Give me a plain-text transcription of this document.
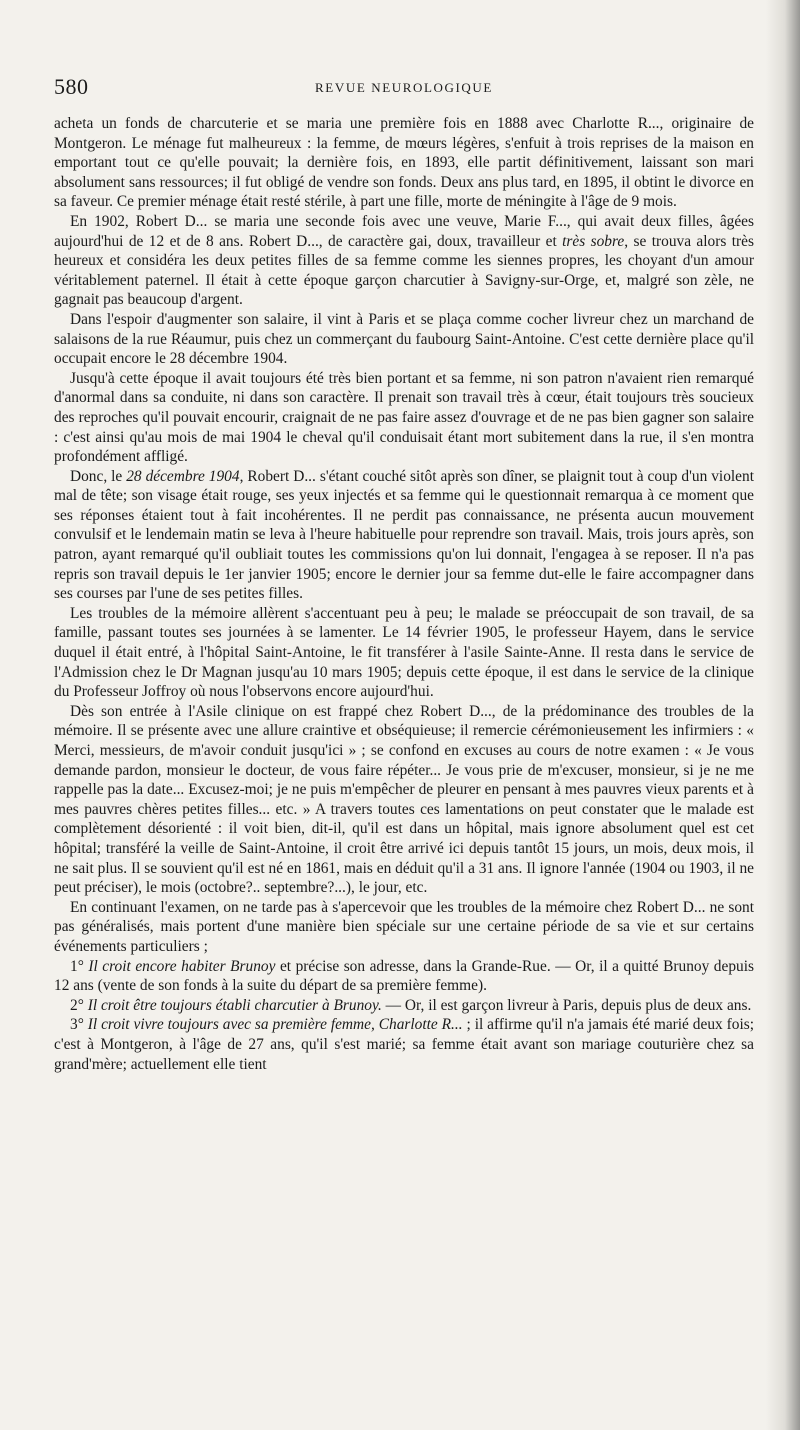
580	REVUE NEUROLOGIQUE

acheta un fonds de charcuterie et se maria une première fois en 1888 avec Charlotte R..., originaire de Montgeron. Le ménage fut malheureux : la femme, de mœurs légères, s'enfuit à trois reprises de la maison en emportant tout ce qu'elle pouvait; la dernière fois, en 1893, elle partit définitivement, laissant son mari absolument sans ressources; il fut obligé de vendre son fonds. Deux ans plus tard, en 1895, il obtint le divorce en sa faveur. Ce premier ménage était resté stérile, à part une fille, morte de méningite à l'âge de 9 mois.

En 1902, Robert D... se maria une seconde fois avec une veuve, Marie F..., qui avait deux filles, âgées aujourd'hui de 12 et de 8 ans. Robert D..., de caractère gai, doux, travailleur et très sobre, se trouva alors très heureux et considéra les deux petites filles de sa femme comme les siennes propres, les choyant d'un amour véritablement paternel. Il était à cette époque garçon charcutier à Savigny-sur-Orge, et, malgré son zèle, ne gagnait pas beaucoup d'argent.

Dans l'espoir d'augmenter son salaire, il vint à Paris et se plaça comme cocher livreur chez un marchand de salaisons de la rue Réaumur, puis chez un commerçant du faubourg Saint-Antoine. C'est cette dernière place qu'il occupait encore le 28 décembre 1904.

Jusqu'à cette époque il avait toujours été très bien portant et sa femme, ni son patron n'avaient rien remarqué d'anormal dans sa conduite, ni dans son caractère. Il prenait son travail très à cœur, était toujours très soucieux des reproches qu'il pouvait encourir, craignait de ne pas faire assez d'ouvrage et de ne pas bien gagner son salaire : c'est ainsi qu'au mois de mai 1904 le cheval qu'il conduisait étant mort subitement dans la rue, il s'en montra profondément affligé.

Donc, le 28 décembre 1904, Robert D... s'étant couché sitôt après son dîner, se plaignit tout à coup d'un violent mal de tête; son visage était rouge, ses yeux injectés et sa femme qui le questionnait remarqua à ce moment que ses réponses étaient tout à fait incohérentes. Il ne perdit pas connaissance, ne présenta aucun mouvement convulsif et le lendemain matin se leva à l'heure habituelle pour reprendre son travail. Mais, trois jours après, son patron, ayant remarqué qu'il oubliait toutes les commissions qu'on lui donnait, l'engagea à se reposer. Il n'a pas repris son travail depuis le 1er janvier 1905; encore le dernier jour sa femme dut-elle le faire accompagner dans ses courses par l'une de ses petites filles.

Les troubles de la mémoire allèrent s'accentuant peu à peu; le malade se préoccupait de son travail, de sa famille, passant toutes ses journées à se lamenter. Le 14 février 1905, le professeur Hayem, dans le service duquel il était entré, à l'hôpital Saint-Antoine, le fit transférer à l'asile Sainte-Anne. Il resta dans le service de l'Admission chez le Dr Magnan jusqu'au 10 mars 1905; depuis cette époque, il est dans le service de la clinique du Professeur Joffroy où nous l'observons encore aujourd'hui.

Dès son entrée à l'Asile clinique on est frappé chez Robert D..., de la prédominance des troubles de la mémoire. Il se présente avec une allure craintive et obséquieuse; il remercie cérémonieusement les infirmiers : « Merci, messieurs, de m'avoir conduit jusqu'ici » ; se confond en excuses au cours de notre examen : « Je vous demande pardon, monsieur le docteur, de vous faire répéter... Je vous prie de m'excuser, monsieur, si je ne me rappelle pas la date... Excusez-moi; je ne puis m'empêcher de pleurer en pensant à mes pauvres vieux parents et à mes pauvres chères petites filles... etc. » A travers toutes ces lamentations on peut constater que le malade est complètement désorienté : il voit bien, dit-il, qu'il est dans un hôpital, mais ignore absolument quel est cet hôpital; transféré la veille de Saint-Antoine, il croit être arrivé ici depuis tantôt 15 jours, un mois, deux mois, il ne sait plus. Il se souvient qu'il est né en 1861, mais en déduit qu'il a 31 ans. Il ignore l'année (1904 ou 1903, il ne peut préciser), le mois (octobre?.. septembre?...), le jour, etc.

En continuant l'examen, on ne tarde pas à s'apercevoir que les troubles de la mémoire chez Robert D... ne sont pas généralisés, mais portent d'une manière bien spéciale sur une certaine période de sa vie et sur certains événements particuliers ;

1° Il croit encore habiter Brunoy et précise son adresse, dans la Grande-Rue. — Or, il a quitté Brunoy depuis 12 ans (vente de son fonds à la suite du départ de sa première femme).

2° Il croit être toujours établi charcutier à Brunoy. — Or, il est garçon livreur à Paris, depuis plus de deux ans.

3° Il croit vivre toujours avec sa première femme, Charlotte R... ; il affirme qu'il n'a jamais été marié deux fois; c'est à Montgeron, à l'âge de 27 ans, qu'il s'est marié; sa femme était avant son mariage couturière chez sa grand'mère; actuellement elle tient
